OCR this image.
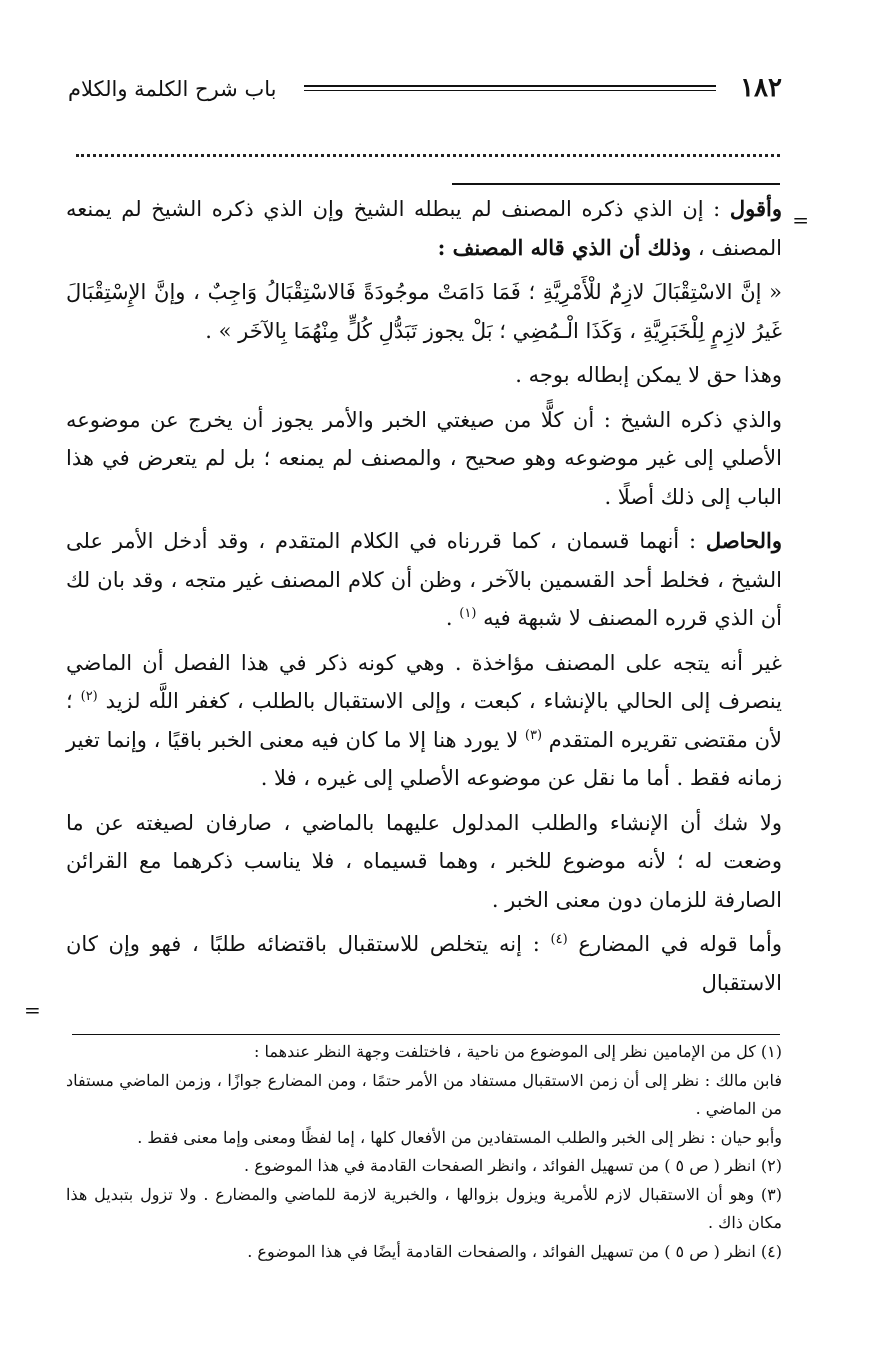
١٨٢
باب شرح الكلمة والكلام
=

وأقول : إن الذي ذكره المصنف لم يبطله الشيخ وإن الذي ذكره الشيخ لم يمنعه المصنف ، وذلك أن الذي قاله المصنف :

« إنَّ الاسْتِقْبَالَ لازِمٌ للْأَمْرِيَّةِ ؛ فَمَا دَامَتْ موجُودَةً فَالاسْتِقْبَالُ وَاجِبٌ ، وإنَّ الإِسْتِقْبَالَ غَيرُ لازِمٍ لِلْخَبَرِيَّةِ ، وَكَذَا الْـمُضِي ؛ بَلْ يجوز تَبَدُّلِ كُلٍّ مِنْهُمَا بِالآخَر » .

وهذا حق لا يمكن إبطاله بوجه .

والذي ذكره الشيخ : أن كلًّا من صيغتي الخبر والأمر يجوز أن يخرج عن موضوعه الأصلي إلى غير موضوعه وهو صحيح ، والمصنف لم يمنعه ؛ بل لم يتعرض في هذا الباب إلى ذلك أصلًا .

والحاصل : أنهما قسمان ، كما قررناه في الكلام المتقدم ، وقد أدخل الأمر على الشيخ ، فخلط أحد القسمين بالآخر ، وظن أن كلام المصنف غير متجه ، وقد بان لك أن الذي قرره المصنف لا شبهة فيه $^{(١)}$ .

غير أنه يتجه على المصنف مؤاخذة . وهي كونه ذكر في هذا الفصل أن الماضي ينصرف إلى الحالي بالإنشاء ، كبعت ، وإلى الاستقبال بالطلب ، كغفر اللَّه لزيد $^{(٢)}$ ؛ لأن مقتضى تقريره المتقدم $^{(٣)}$ لا يورد هنا إلا ما كان فيه معنى الخبر باقيًا ، وإنما تغير زمانه فقط . أما ما نقل عن موضوعه الأصلي إلى غيره ، فلا .

ولا شك أن الإنشاء والطلب المدلول عليهما بالماضي ، صارفان لصيغته عن ما وضعت له ؛ لأنه موضوع للخبر ، وهما قسيماه ، فلا يناسب ذكرهما مع القرائن الصارفة للزمان دون معنى الخبر .

وأما قوله في المضارع $^{(٤)}$ : إنه يتخلص للاستقبال باقتضائه طلبًا ، فهو وإن كان الاستقبال

=

(١) كل من الإمامين نظر إلى الموضوع من ناحية ، فاختلفت وجهة النظر عندهما :

فابن مالك : نظر إلى أن زمن الاستقبال مستفاد من الأمر حتمًا ، ومن المضارع جوازًا ، وزمن الماضي مستفاد من الماضي .

وأبو حيان : نظر إلى الخبر والطلب المستفادين من الأفعال كلها ، إما لفظًا ومعنى وإما معنى فقط .

(٢) انظر ( ص ٥ ) من تسهيل الفوائد ، وانظر الصفحات القادمة في هذا الموضوع .

(٣) وهو أن الاستقبال لازم للأمرية ويزول بزوالها ، والخبرية لازمة للماضي والمضارع . ولا تزول بتبديل هذا مكان ذاك .

(٤) انظر ( ص ٥ ) من تسهيل الفوائد ، والصفحات القادمة أيضًا في هذا الموضوع .
